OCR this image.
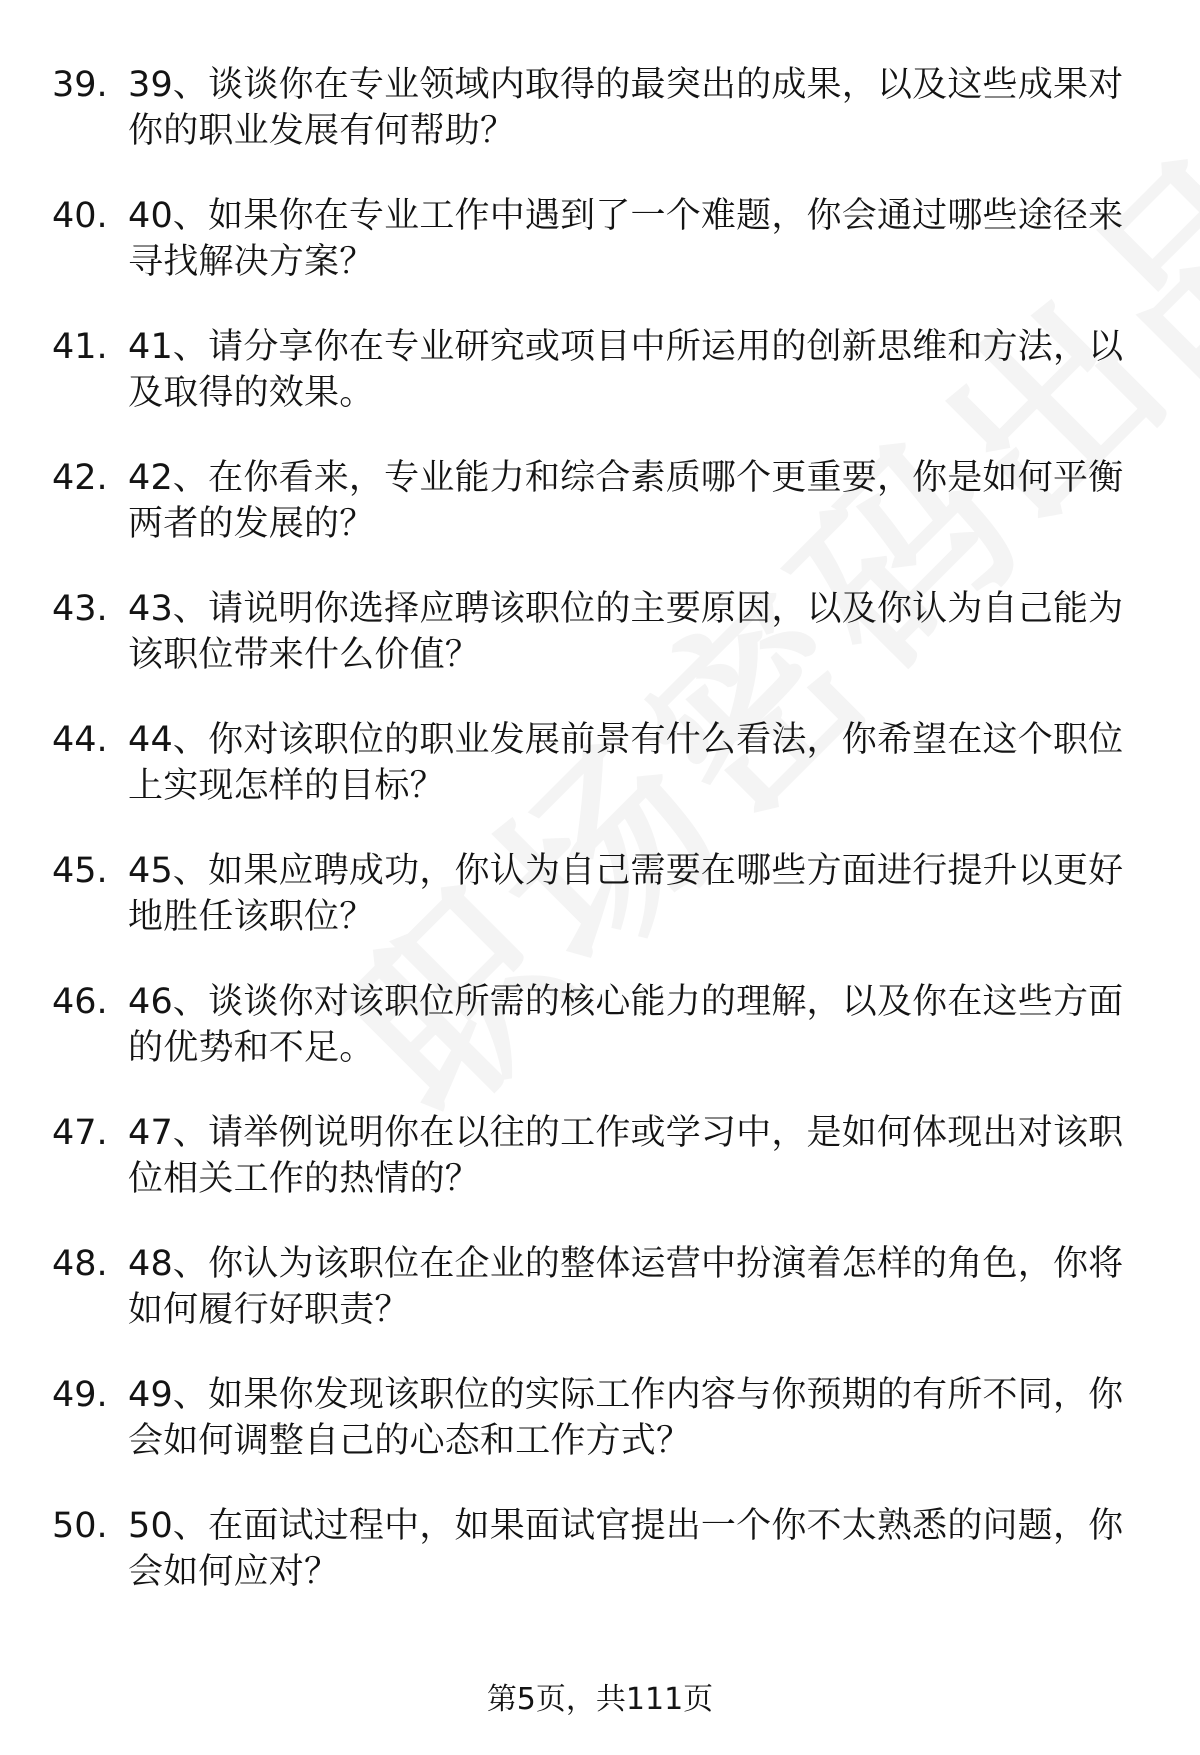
39. 39、谈谈你在专业领域内取得的最突出的成果，以及这些成果对
你的职业发展有何帮助？
40. 40、如果你在专业工作中遇到了一个难题，你会通过哪些途径来
寻找解决方案？
41. 41、请分享你在专业研究或项目中所运用的创新思维和方法，以
及取得的效果。
42. 42、在你看来，专业能力和综合素质哪个更重要，你是如何平衡
两者的发展的？
43. 43、请说明你选择应聘该职位的主要原因，以及你认为自己能为
该职位带来什么价值？
44. 44、你对该职位的职业发展前景有什么看法，你希望在这个职位
上实现怎样的目标？
45. 45、如果应聘成功，你认为自己需要在哪些方面进行提升以更好
地胜任该职位？
46. 46、谈谈你对该职位所需的核心能力的理解，以及你在这些方面
的优势和不足。
47. 47、请举例说明你在以往的工作或学习中，是如何体现出对该职
位相关工作的热情的？
48. 48、你认为该职位在企业的整体运营中扮演着怎样的角色，你将
如何履行好职责？
49. 49、如果你发现该职位的实际工作内容与你预期的有所不同，你
会如何调整自己的心态和工作方式？
50. 50、在面试过程中，如果面试官提出一个你不太熟悉的问题，你
会如何应对？
第5页，共111页
